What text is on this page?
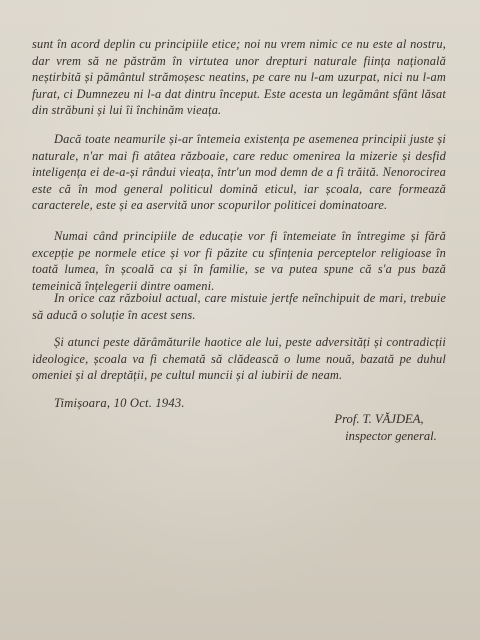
sunt în acord deplin cu principiile etice; noi nu vrem nimic ce nu este al nostru, dar vrem să ne păstrăm în virtutea unor drepturi naturale ființa națională neștirbită și pământul strămoșesc neatins, pe care nu l-am uzurpat, nici nu l-am furat, ci Dumnezeu ni l-a dat dintru început. Este acesta un legământ sfânt lăsat din străbuni și lui îi închinăm vieața.

Dacă toate neamurile și-ar întemeia existența pe asemenea principii juste și naturale, n'ar mai fi atâtea războaie, care reduc omenirea la mizerie și desfid inteligența ei de-a-și rândui vieața, într'un mod demn de a fi trăită. Nenorocirea este că în mod general politicul domină eticul, iar școala, care formează caracterele, este și ea aservită unor scopurilor politicei dominatoare.

Numai când principiile de educație vor fi întemeiate în întregime și fără excepție pe normele etice și vor fi păzite cu sfințenia perceptelor religioase în toată lumea, în școală ca și în familie, se va putea spune că s'a pus bază temeinică înțelegerii dintre oameni.

In orice caz războiul actual, care mistuie jertfe neînchipuit de mari, trebuie să aducă o soluție în acest sens.

Și atunci peste dărâmăturile haotice ale lui, peste adversități și contradicții ideologice, școala va fi chemată să clădească o lume nouă, bazată pe duhul omeniei și al dreptății, pe cultul muncii și al iubirii de neam.

Timișoara, 10 Oct. 1943.
Prof. T. VĂJDEA,
inspector general.
